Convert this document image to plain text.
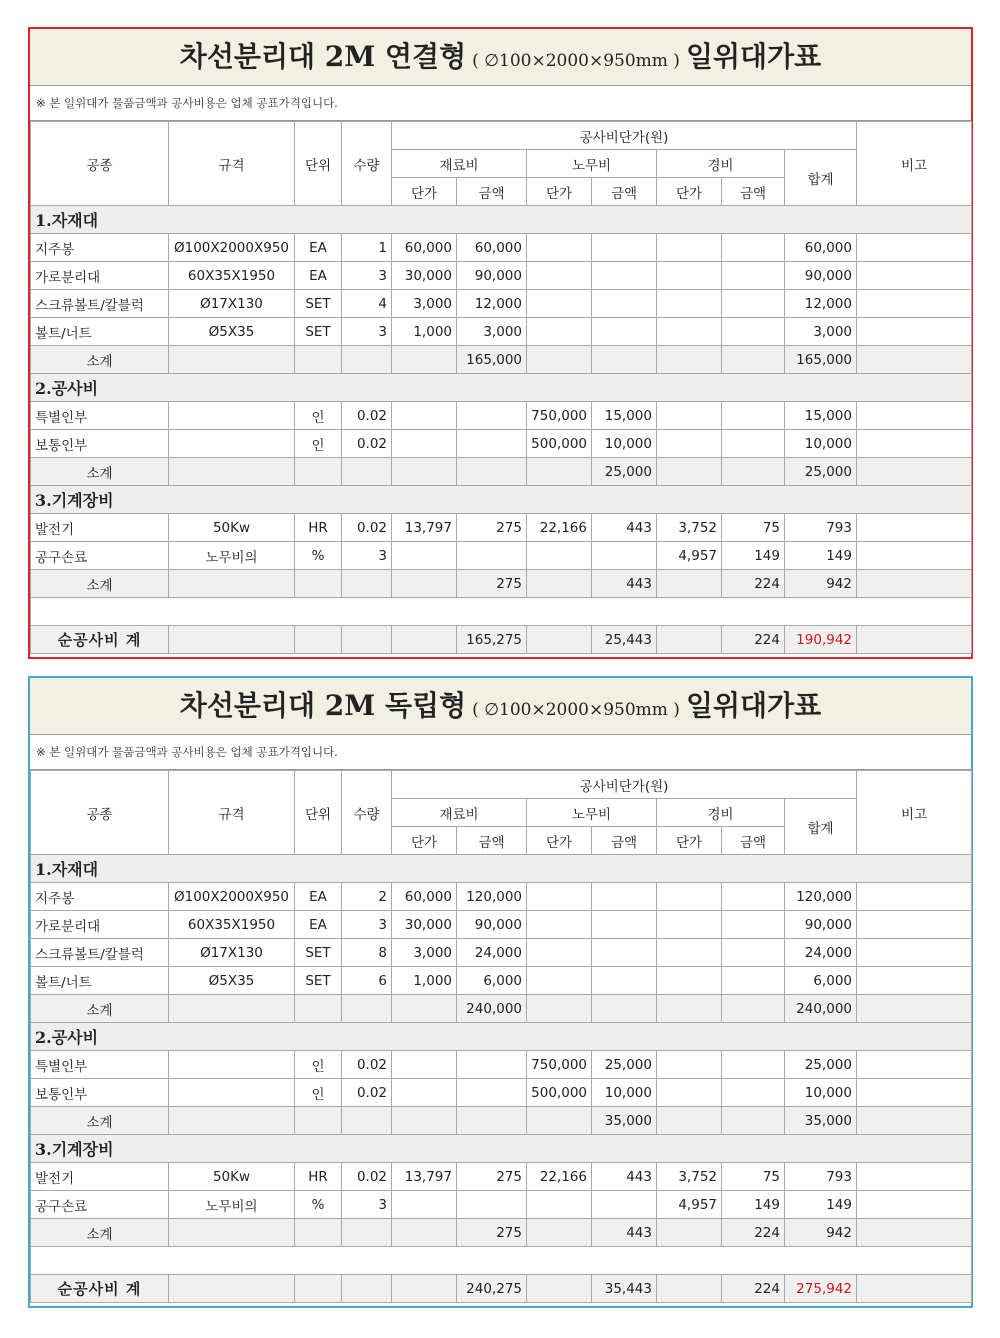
차선분리대 2M 연결형 ( ∅100×2000×950mm ) 일위대가표
※ 본 일위대가 물품금액과 공사비용은 업체 공표가격입니다.
공종	규격	단위	수량	공사비단가(원)	비고
재료비	노무비	경비	합계
단가	금액	단가	금액	단가	금액
1.자재대
지주봉	Ø100X2000X950	EA	1	60,000	60,000					60,000	
가로분리대	60X35X1950	EA	3	30,000	90,000					90,000	
스크류볼트/칼블럭	Ø17X130	SET	4	3,000	12,000					12,000	
볼트/너트	Ø5X35	SET	3	1,000	3,000					3,000	
소계					165,000					165,000	
2.공사비
특별인부		인	0.02			750,000	15,000			15,000	
보통인부		인	0.02			500,000	10,000			10,000	
소계							25,000			25,000	
3.기계장비
발전기	50Kw	HR	0.02	13,797	275	22,166	443	3,752	75	793	
공구손료	노무비의	%	3					4,957	149	149	
소계					275		443		224	942	

순공사비 계					165,275		25,443		224	190,942	
차선분리대 2M 독립형 ( ∅100×2000×950mm ) 일위대가표
※ 본 일위대가 물품금액과 공사비용은 업체 공표가격입니다.
공종	규격	단위	수량	공사비단가(원)	비고
재료비	노무비	경비	합계
단가	금액	단가	금액	단가	금액
1.자재대
지주봉	Ø100X2000X950	EA	2	60,000	120,000					120,000	
가로분리대	60X35X1950	EA	3	30,000	90,000					90,000	
스크류볼트/칼블럭	Ø17X130	SET	8	3,000	24,000					24,000	
볼트/너트	Ø5X35	SET	6	1,000	6,000					6,000	
소계					240,000					240,000	
2.공사비
특별인부		인	0.02			750,000	25,000			25,000	
보통인부		인	0.02			500,000	10,000			10,000	
소계							35,000			35,000	
3.기계장비
발전기	50Kw	HR	0.02	13,797	275	22,166	443	3,752	75	793	
공구손료	노무비의	%	3					4,957	149	149	
소계					275		443		224	942	

순공사비 계					240,275		35,443		224	275,942	
